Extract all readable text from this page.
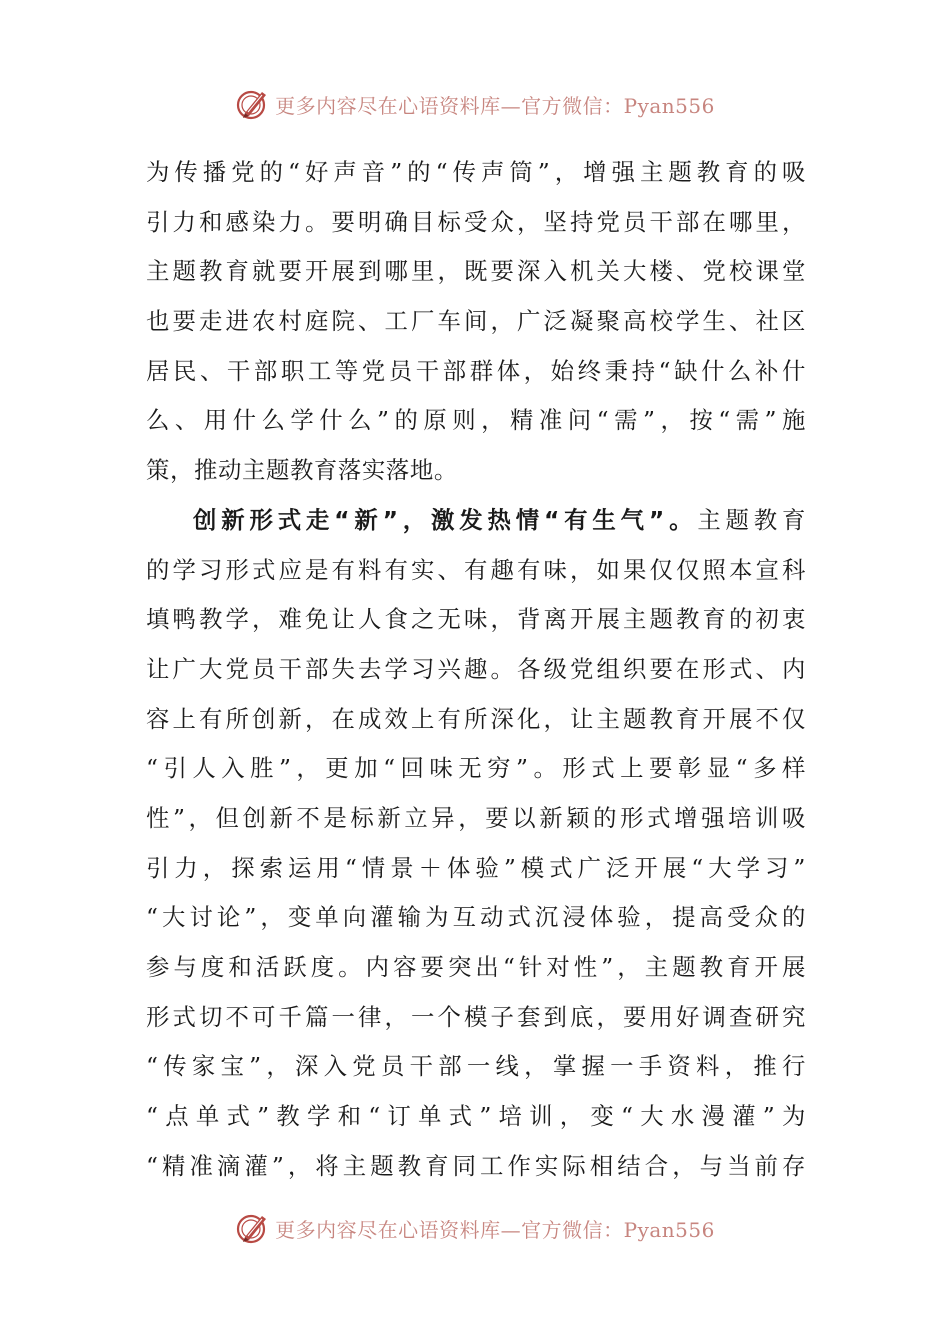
更多内容尽在心语资料库—官方微信：Pyan556
为传播党的“好声音”的“传声筒”，增强主题教育的吸
引力和感染力。要明确目标受众，坚持党员干部在哪里，
主题教育就要开展到哪里，既要深入机关大楼、党校课堂
也要走进农村庭院、工厂车间，广泛凝聚高校学生、社区
居民、干部职工等党员干部群体，始终秉持“缺什么补什
么、用什么学什么”的原则，精准问“需”，按“需”施
策，推动主题教育落实落地。
创新形式走“新”，激发热情“有生气”。主题教育
的学习形式应是有料有实、有趣有味，如果仅仅照本宣科
填鸭教学，难免让人食之无味，背离开展主题教育的初衷
让广大党员干部失去学习兴趣。各级党组织要在形式、内
容上有所创新，在成效上有所深化，让主题教育开展不仅
“引人入胜”，更加“回味无穷”。形式上要彰显“多样
性”，但创新不是标新立异，要以新颖的形式增强培训吸
引力，探索运用“情景＋体验”模式广泛开展“大学习”
“大讨论”，变单向灌输为互动式沉浸体验，提高受众的
参与度和活跃度。内容要突出“针对性”，主题教育开展
形式切不可千篇一律，一个模子套到底，要用好调查研究
“传家宝”，深入党员干部一线，掌握一手资料，推行
“点单式”教学和“订单式”培训，变“大水漫灌”为
“精准滴灌”，将主题教育同工作实际相结合，与当前存
更多内容尽在心语资料库—官方微信：Pyan556
